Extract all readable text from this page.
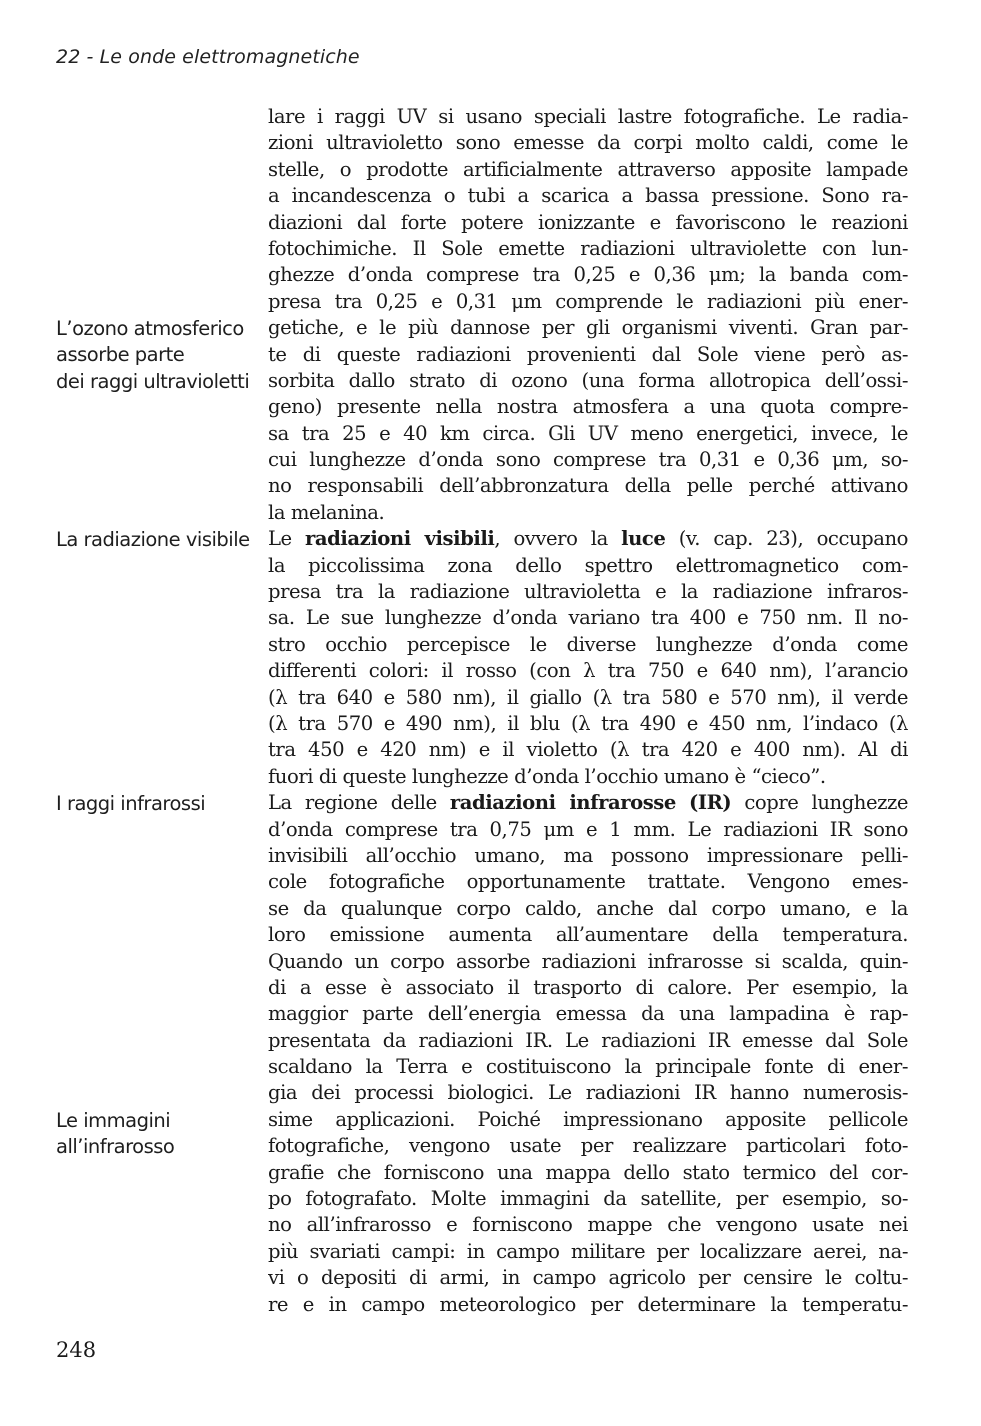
22 - Le onde elettromagnetiche
L’ozono atmosferico
assorbe parte
dei raggi ultravioletti
La radiazione visibile
I raggi infrarossi
Le immagini
all’infrarosso
lare i raggi UV si usano speciali lastre fotografiche. Le radia-
zioni ultravioletto sono emesse da corpi molto caldi, come le
stelle, o prodotte artificialmente attraverso apposite lampade
a incandescenza o tubi a scarica a bassa pressione. Sono ra-
diazioni dal forte potere ionizzante e favoriscono le reazioni
fotochimiche. Il Sole emette radiazioni ultraviolette con lun-
ghezze d’onda comprese tra 0,25 e 0,36 μm; la banda com-
presa tra 0,25 e 0,31 μm comprende le radiazioni più ener-
getiche, e le più dannose per gli organismi viventi. Gran par-
te di queste radiazioni provenienti dal Sole viene però as-
sorbita dallo strato di ozono (una forma allotropica dell’ossi-
geno) presente nella nostra atmosfera a una quota compre-
sa tra 25 e 40 km circa. Gli UV meno energetici, invece, le
cui lunghezze d’onda sono comprese tra 0,31 e 0,36 μm, so-
no responsabili dell’abbronzatura della pelle perché attivano
la melanina.
Le radiazioni visibili, ovvero la luce (v. cap. 23), occupano
la piccolissima zona dello spettro elettromagnetico com-
presa tra la radiazione ultravioletta e la radiazione infraros-
sa. Le sue lunghezze d’onda variano tra 400 e 750 nm. Il no-
stro occhio percepisce le diverse lunghezze d’onda come
differenti colori: il rosso (con λ tra 750 e 640 nm), l’arancio
(λ tra 640 e 580 nm), il giallo (λ tra 580 e 570 nm), il verde
(λ tra 570 e 490 nm), il blu (λ tra 490 e 450 nm, l’indaco (λ
tra 450 e 420 nm) e il violetto (λ tra 420 e 400 nm). Al di
fuori di queste lunghezze d’onda l’occhio umano è “cieco”.
La regione delle radiazioni infrarosse (IR) copre lunghezze
d’onda comprese tra 0,75 μm e 1 mm. Le radiazioni IR sono
invisibili all’occhio umano, ma possono impressionare pelli-
cole fotografiche opportunamente trattate. Vengono emes-
se da qualunque corpo caldo, anche dal corpo umano, e la
loro emissione aumenta all’aumentare della temperatura.
Quando un corpo assorbe radiazioni infrarosse si scalda, quin-
di a esse è associato il trasporto di calore. Per esempio, la
maggior parte dell’energia emessa da una lampadina è rap-
presentata da radiazioni IR. Le radiazioni IR emesse dal Sole
scaldano la Terra e costituiscono la principale fonte di ener-
gia dei processi biologici. Le radiazioni IR hanno numerosis-
sime applicazioni. Poiché impressionano apposite pellicole
fotografiche, vengono usate per realizzare particolari foto-
grafie che forniscono una mappa dello stato termico del cor-
po fotografato. Molte immagini da satellite, per esempio, so-
no all’infrarosso e forniscono mappe che vengono usate nei
più svariati campi: in campo militare per localizzare aerei, na-
vi o depositi di armi, in campo agricolo per censire le coltu-
re e in campo meteorologico per determinare la temperatu-
248
